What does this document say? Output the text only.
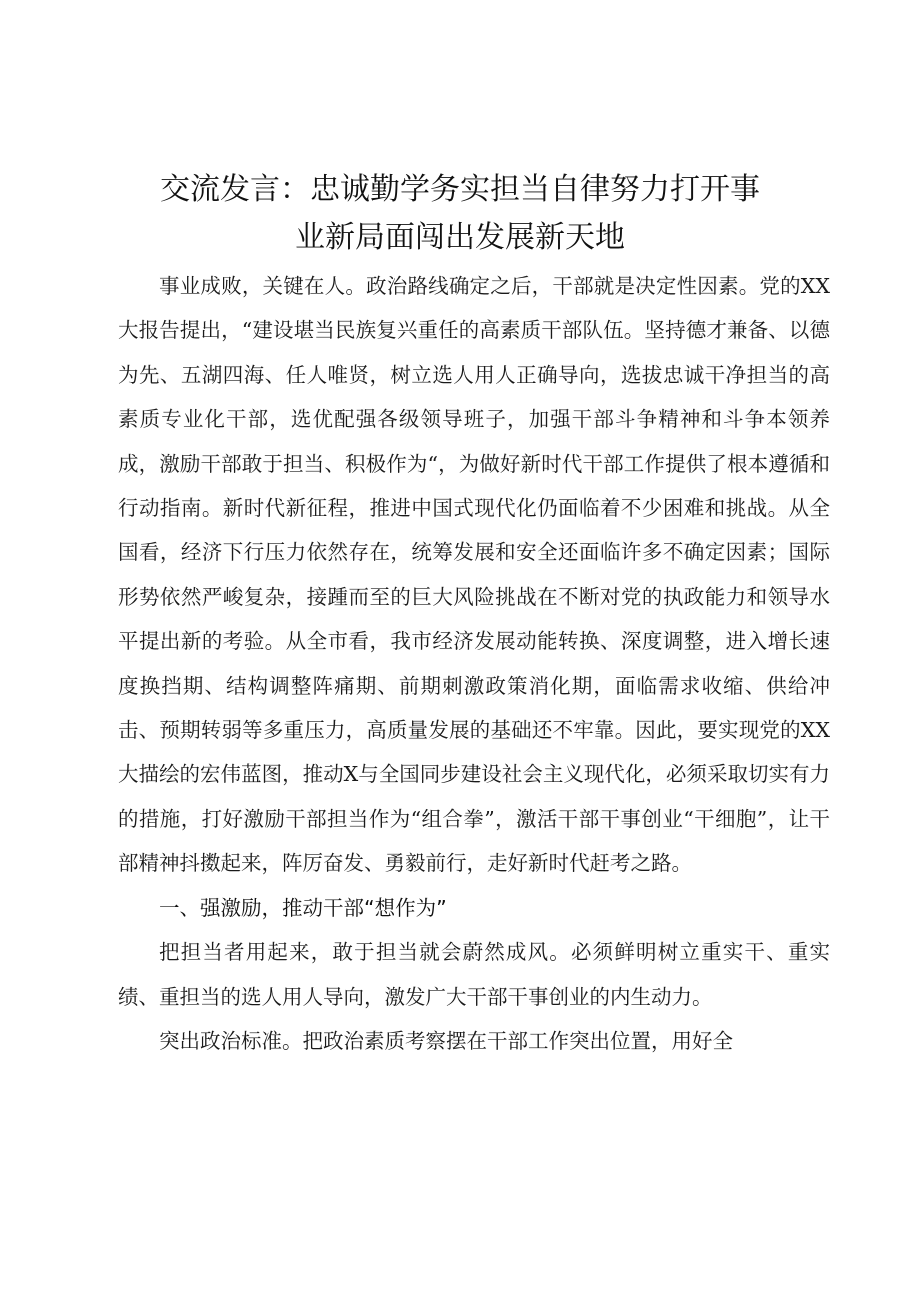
交流发言：忠诚勤学务实担当自律努力打开事
业新局面闯出发展新天地

事业成败，关键在人。政治路线确定之后，干部就是决定性因素。党的XX大报告提出，“建设堪当民族复兴重任的高素质干部队伍。坚持德才兼备、以德为先、五湖四海、任人唯贤，树立选人用人正确导向，选拔忠诚干净担当的高素质专业化干部，选优配强各级领导班子，加强干部斗争精神和斗争本领养成，激励干部敢于担当、积极作为“，为做好新时代干部工作提供了根本遵循和行动指南。新时代新征程，推进中国式现代化仍面临着不少困难和挑战。从全国看，经济下行压力依然存在，统筹发展和安全还面临许多不确定因素；国际形势依然严峻复杂，接踵而至的巨大风险挑战在不断对党的执政能力和领导水平提出新的考验。从全市看，我市经济发展动能转换、深度调整，进入增长速度换挡期、结构调整阵痛期、前期刺激政策消化期，面临需求收缩、供给冲击、预期转弱等多重压力，高质量发展的基础还不牢靠。因此，要实现党的XX大描绘的宏伟蓝图，推动X与全国同步建设社会主义现代化，必须采取切实有力的措施，打好激励干部担当作为“组合拳”，激活干部干事创业“干细胞”，让干部精神抖擞起来，阵厉奋发、勇毅前行，走好新时代赶考之路。

一、强激励，推动干部“想作为”

把担当者用起来，敢于担当就会蔚然成风。必须鲜明树立重实干、重实绩、重担当的选人用人导向，激发广大干部干事创业的内生动力。

突出政治标准。把政治素质考察摆在干部工作突出位置，用好全
